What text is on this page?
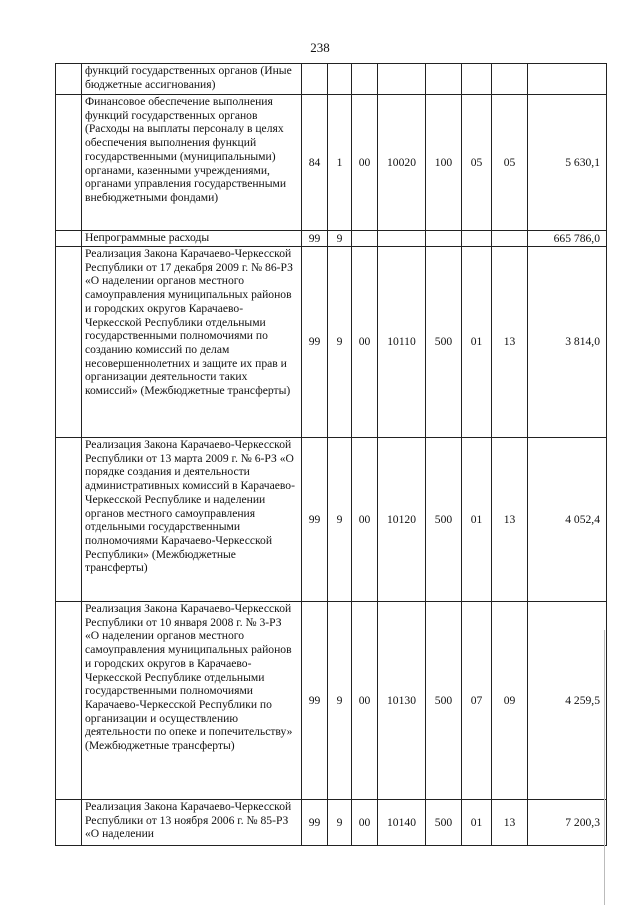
238
	функций государственных органов (Иные бюджетные ассигнования)								
	Финансовое обеспечение выполнения функций государственных органов (Расходы на выплаты персоналу в целях обеспечения выполнения функций государственными (муниципальными) органами, казенными учреждениями, органами управления государственными внебюджетными фондами)	84	1	00	10020	100	05	05	5 630,1
	Непрограммные расходы	99	9						665 786,0
	Реализация Закона Карачаево-Черкесской Республики от 17 декабря 2009 г. № 86-РЗ «О наделении органов местного самоуправления муниципальных районов и городских округов Карачаево-Черкесской Республики отдельными государственными полномочиями по созданию комиссий по делам несовершеннолетних и защите их прав и организации деятельности таких комиссий» (Межбюджетные трансферты)	99	9	00	10110	500	01	13	3 814,0
	Реализация Закона Карачаево-Черкесской Республики от 13 марта 2009 г. № 6-РЗ «О порядке создания и деятельности административных комиссий в Карачаево-Черкесской Республике и наделении органов местного самоуправления отдельными государственными полномочиями Карачаево-Черкесской Республики» (Межбюджетные трансферты)	99	9	00	10120	500	01	13	4 052,4
	Реализация Закона Карачаево-Черкесской Республики от 10 января 2008 г. № 3-РЗ «О наделении органов местного самоуправления муниципальных районов и городских округов в Карачаево-Черкесской Республике отдельными государственными полномочиями Карачаево-Черкесской Республики по организации и осуществлению деятельности по опеке и попечительству» (Межбюджетные трансферты)	99	9	00	10130	500	07	09	4 259,5
	Реализация Закона Карачаево-Черкесской Республики от 13 ноября 2006 г. № 85-РЗ «О наделении	99	9	00	10140	500	01	13	7 200,3
